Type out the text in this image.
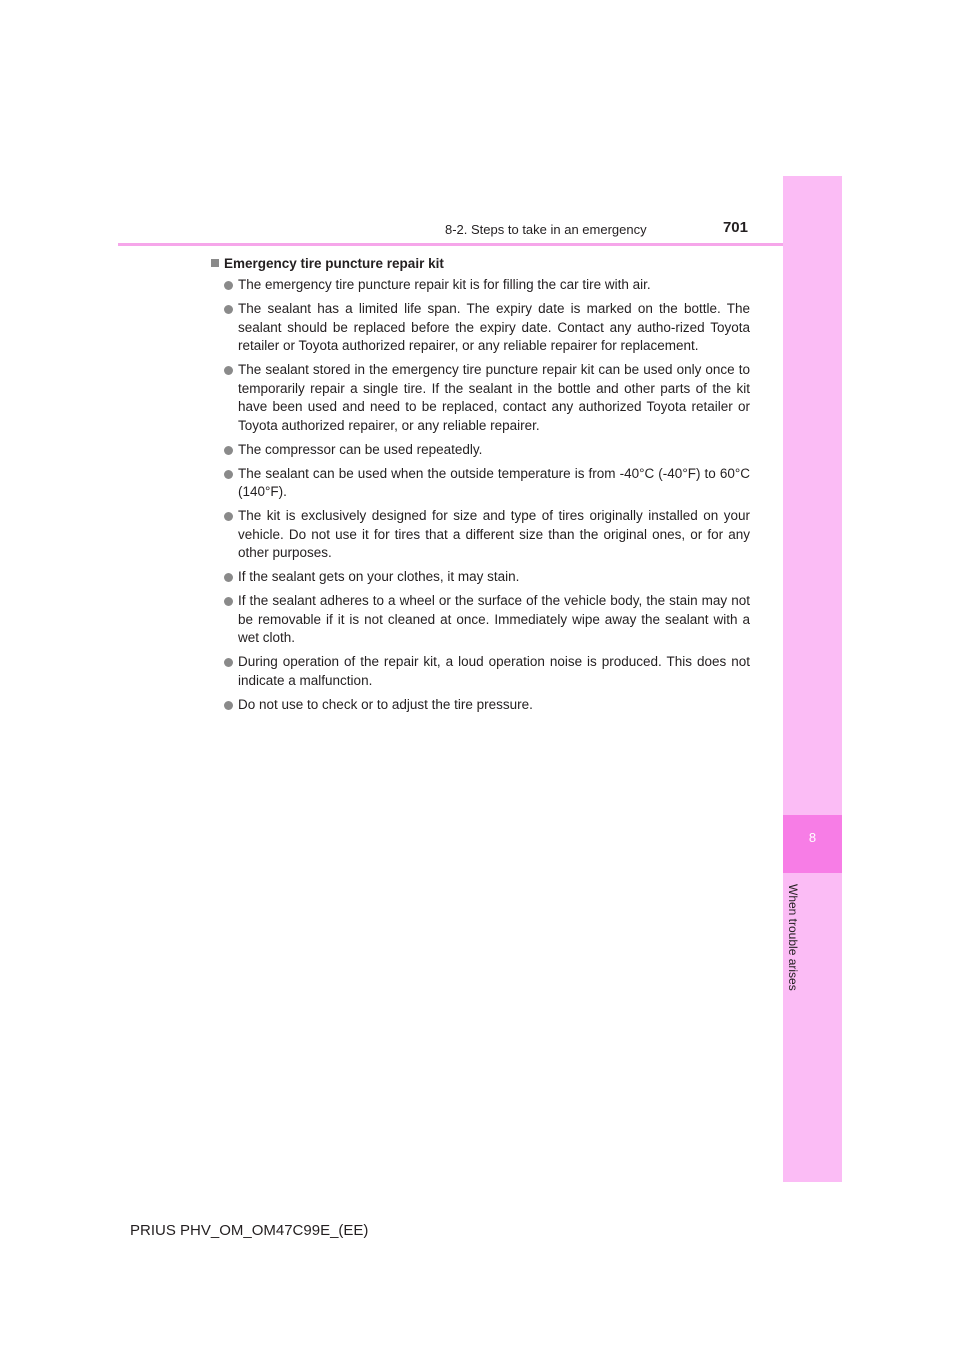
8
When trouble arises
8-2. Steps to take in an emergency	701
Emergency tire puncture repair kit
The emergency tire puncture repair kit is for filling the car tire with air.
The sealant has a limited life span. The expiry date is marked on the bottle. The sealant should be replaced before the expiry date. Contact any autho-rized Toyota retailer or Toyota authorized repairer, or any reliable repairer for replacement.
The sealant stored in the emergency tire puncture repair kit can be used only once to temporarily repair a single tire. If the sealant in the bottle and other parts of the kit have been used and need to be replaced, contact any authorized Toyota retailer or Toyota authorized repairer, or any reliable repairer.
The compressor can be used repeatedly.
The sealant can be used when the outside temperature is from -40°C (-40°F) to 60°C (140°F).
The kit is exclusively designed for size and type of tires originally installed on your vehicle. Do not use it for tires that a different size than the original ones, or for any other purposes.
If the sealant gets on your clothes, it may stain.
If the sealant adheres to a wheel or the surface of the vehicle body, the stain may not be removable if it is not cleaned at once. Immediately wipe away the sealant with a wet cloth.
During operation of the repair kit, a loud operation noise is produced. This does not indicate a malfunction.
Do not use to check or to adjust the tire pressure.
PRIUS PHV_OM_OM47C99E_(EE)
